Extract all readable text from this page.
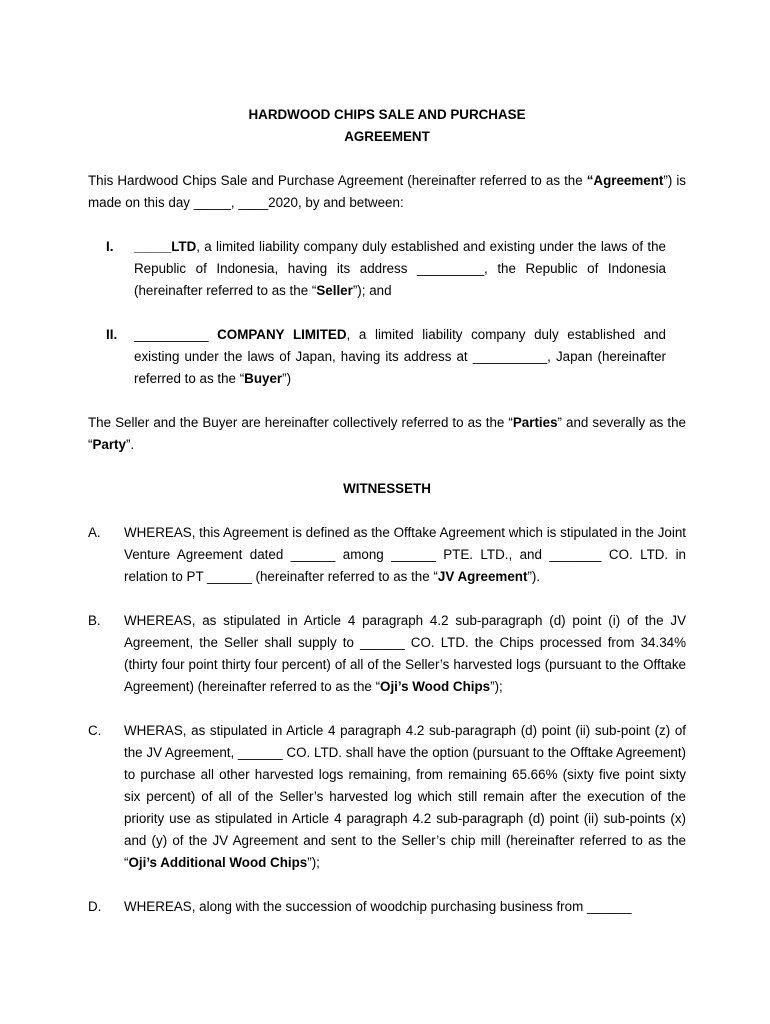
HARDWOOD CHIPS SALE AND PURCHASE

AGREEMENT

This Hardwood Chips Sale and Purchase Agreement (hereinafter referred to as the “Agreement”) is made on this day _____, ____2020, by and between:

I. _____LTD, a limited liability company duly established and existing under the laws of the Republic of Indonesia, having its address _________, the Republic of Indonesia (hereinafter referred to as the “Seller”); and
II. __________ COMPANY LIMITED, a limited liability company duly established and existing under the laws of Japan, having its address at __________, Japan (hereinafter referred to as the “Buyer”)

The Seller and the Buyer are hereinafter collectively referred to as the “Parties” and severally as the “Party”.

WITNESSETH

A. WHEREAS, this Agreement is defined as the Offtake Agreement which is stipulated in the Joint Venture Agreement dated ______ among ______ PTE. LTD., and _______ CO. LTD. in relation to PT ______ (hereinafter referred to as the “JV Agreement”).
B. WHEREAS, as stipulated in Article 4 paragraph 4.2 sub-paragraph (d) point (i) of the JV Agreement, the Seller shall supply to ______ CO. LTD. the Chips processed from 34.34% (thirty four point thirty four percent) of all of the Seller’s harvested logs (pursuant to the Offtake Agreement) (hereinafter referred to as the “Oji’s Wood Chips”);
C. WHERAS, as stipulated in Article 4 paragraph 4.2 sub-paragraph (d) point (ii) sub-point (z) of the JV Agreement, ______ CO. LTD. shall have the option (pursuant to the Offtake Agreement) to purchase all other harvested logs remaining, from remaining 65.66% (sixty five point sixty six percent) of all of the Seller’s harvested log which still remain after the execution of the priority use as stipulated in Article 4 paragraph 4.2 sub-paragraph (d) point (ii) sub-points (x) and (y) of the JV Agreement and sent to the Seller’s chip mill (hereinafter referred to as the “Oji’s Additional Wood Chips”);
D. WHEREAS, along with the succession of woodchip purchasing business from ______
